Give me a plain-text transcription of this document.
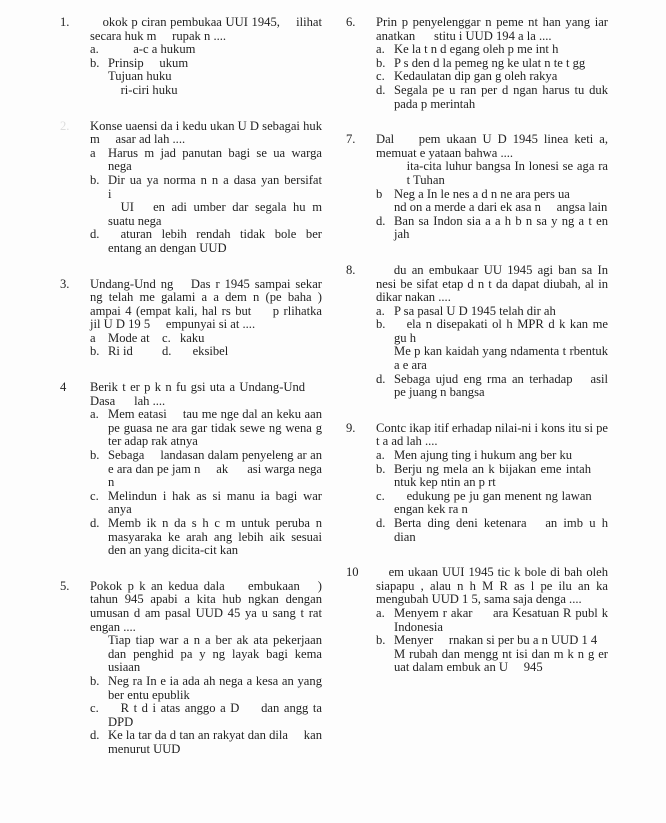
1.  okok p ciran pembukaa UUI 1945,  ilihat secara huk m  rupak n ....
a.   a-c a hukum
b. Prinsip  ukum
Tujuan huku 
 ri-ciri huku 
2. Konse uaensi da i kedu ukan U D sebagai huk m  asar ad lah ....
a Harus m jad panutan bagi se ua warga nega 
b. Dir ua ya norma n n a dasa yan bersifat i 
 UI  en adi umber dar segala hu m suatu nega 
d.  aturan lebih rendah tidak bole ber entang an dengan UUD
3. Undang-Und ng  Das r 1945 sampai sekar ng telah me galami a a dem n (pe baha ) ampai 4 (empat kali, hal rs but   p rlihatka jil U D 19 5  empunyai si at ....
a Mode at c. kaku
b. Ri id	d.  eksibel
4 Berik t er p k n fu gsi uta a Undang-Und   Dasa   lah ....
a. Mem eatasi  tau me nge dal an keku aan pe guasa ne ara gar tidak sewe ng wena g ter adap rak atnya
b. Sebaga  landasan dalam penyeleng ar an e ara dan pe jam n  ak   asi warga nega n
c. Melindun i hak as si manu ia bagi war anya
d. Memb ik n da s h c m untuk peruba n masyaraka ke arah ang lebih aik sesuai den an yang dicita-cit kan
5. Pokok p k an kedua dala   embukaan  ) tahun 945 apabi a kita hub ngkan dengan umusan d am pasal UUD 45 ya u sang t rat engan ....
Tiap tiap war a n a ber ak ata pekerjaan dan penghid pa y ng layak bagi kema usiaan
b. Neg ra In e ia ada ah nega a kesa an yang ber entu epublik
c.  R t d i atas anggo a D   dan angg ta DPD
d. Ke la tar da d tan an rakyat dan dila  kan menurut UUD
6. Prin p penyelenggar n peme nt han yang iar anatkan   stitu i UUD 194 a la ....
a. Ke la t n d egang oleh p me int h
b. P s den d la pemeg ng ke ulat n te t gg
c. Kedaulatan dip gan g oleh rakya
d. Segala pe u ran per d ngan harus tu duk pada p merintah
7. Dal   pem ukaan U D 1945 linea keti a, memuat e yataan bahwa ....
 ita-cita luhur bangsa In lonesi se aga ra  t Tuhan
b Neg a In le nes a d n ne ara pers ua
nd on a merde a dari ek asa n  angsa lain
d. Ban sa Indon sia a a h b n sa y ng a t en jah
8.   du an embukaar UU 1945 agi ban sa In nesi be sifat etap d n t da dapat diubah, al in dikar nakan ....
a. P sa pasal U D 1945 telah dir ah
b.  ela n disepakati ol h MPR d k kan me gu h
Me p kan kaidah yang ndamenta t rbentuk a e ara
d. Sebaga ujud eng rma an terhadap  asil pe juang n bangsa
9. Contc ikap itif erhadap nilai-ni i kons itu si pe t a ad lah ....
a. Men ajung ting i hukum ang ber ku
b. Berju ng mela an k bijakan eme intah  ntuk kep ntin an p rt
c.  edukung pe ju gan menent ng lawan  engan kek ra n
d. Berta ding deni ketenara  an imb u h dian
10  em ukaan UUI 1945 tic k bole di bah oleh siapapu , alau n h M R as l pe ilu an ka mengubah UUD 1 5, sama saja denga ....
a. Menyem r akar   ara Kesatuan R publ k Indonesia
b. Menyer  rnakan si per bu a n UUD 1 4
M rubah dan mengg nt isi dan m k n g er uat dalam embuk an U  945
